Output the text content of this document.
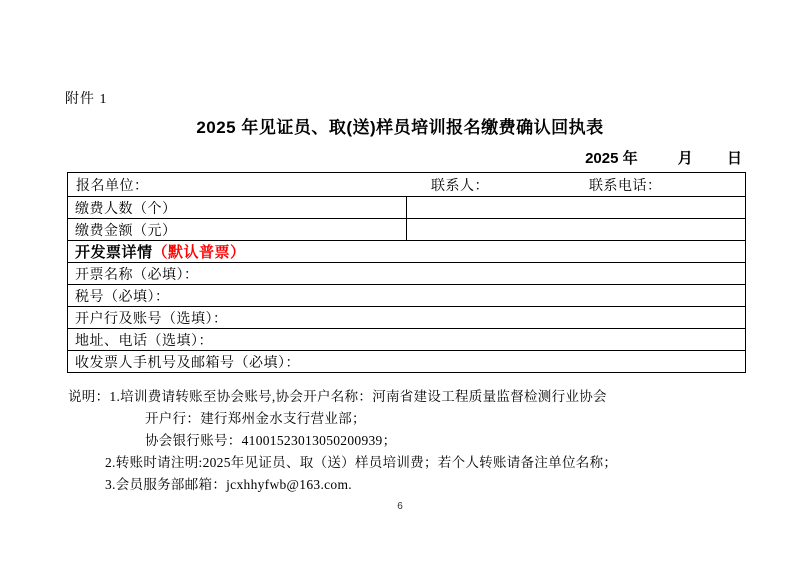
附件 1
2025 年见证员、取(送)样员培训报名缴费确认回执表
2025 年	月 日
报名单位： 联系人： 联系电话：	

缴费人数（个）	
缴费金额（元）	
开发票详情（默认普票）	
开票名称（必填）：	
税号（必填）：	
开户行及账号（选填）：	
地址、电话（选填）：	
收发票人手机号及邮箱号（必填）：	
说明：1.培训费请转账至协会账号,协会开户名称：河南省建设工程质量监督检测行业协会
开户行：建行郑州金水支行营业部；
协会银行账号：41001523013050200939；
2.转账时请注明:2025年见证员、取（送）样员培训费；若个人转账请备注单位名称；
3.会员服务部邮箱：jcxhhyfwb@163.com.
6
